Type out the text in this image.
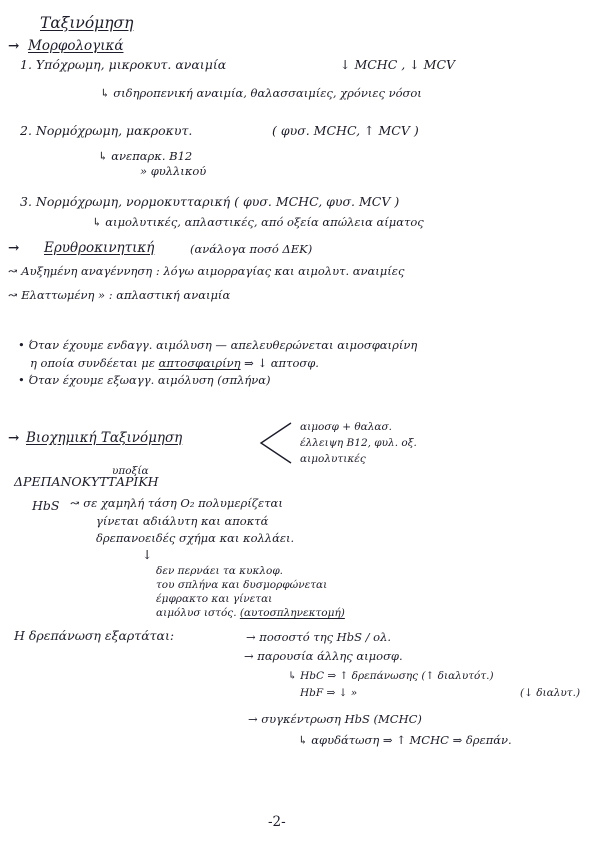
Ταξινόμηση
→ Μορφολογικά
1. Υπόχρωμη, μικροκυτ. αναιμία	↓ MCHC , ↓ MCV
↳ σιδηροπενική αναιμία, θαλασσαιμίες, χρόνιες νόσοι
2. Νορμόχρωμη, μακροκυτ.	( φυσ. MCHC, ↑ MCV )
↳ ανεπαρκ. B12
» φυλλικού
3. Νορμόχρωμη, νορμοκυτταρική ( φυσ. MCHC, φυσ. MCV )
↳ αιμολυτικές, απλαστικές, από οξεία απώλεια αίματος
→ Ερυθροκινητική	(ανάλογα ποσό ΔΕΚ)
↝ Αυξημένη αναγέννηση : λόγω αιμορραγίας και αιμολυτ. αναιμίες
↝ Ελαττωμένη » : απλαστική αναιμία
• Όταν έχουμε ενδαγγ. αιμόλυση — απελευθερώνεται αιμοσφαιρίνη
η οποία συνδέεται με απτοσφαιρίνη ⇒ ↓ απτοσφ.
• Όταν έχουμε εξωαγγ. αιμόλυση (σπλήνα)
→ Βιοχημική Ταξινόμηση
αιμοσφ + θαλασ.
έλλειψη B12, φυλ. οξ.
αιμολυτικές
ΔΡΕΠΑΝΟΚΥΤΤΑΡΙΚΗ
υποξία
HbS ↝ σε χαμηλή τάση O₂ πολυμερίζεται
γίνεται αδιάλυτη και αποκτά
δρεπανοειδές σχήμα και κολλάει.
↓
δεν περνάει τα κυκλοφ.
του σπλήνα και δυσμορφώνεται
έμφρακτο και γίνεται
αιμόλυσ ιστός. (αυτοσπληνεκτομή)
Η δρεπάνωση εξαρτάται:	→ ποσοστό της HbS / ολ.
→ παρουσία άλλης αιμοσφ.
↳ HbC ⇒ ↑ δρεπάνωσης (↑ διαλυτότ.)
HbF ⇒ ↓ »	(↓ διαλυτ.)
→ συγκέντρωση HbS (MCHC)
↳ αφυδάτωση ⇒ ↑ MCHC ⇒ δρεπάν.
-2-
